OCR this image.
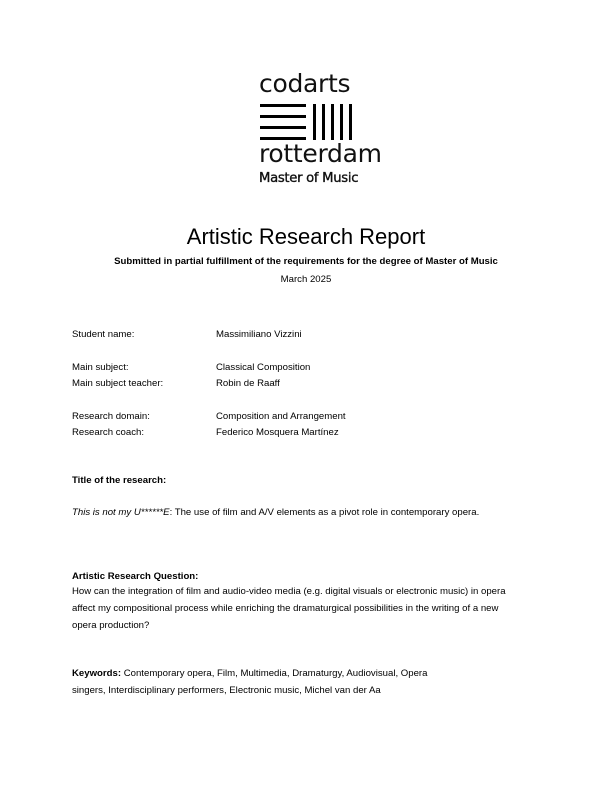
codarts
rotterdam
Master of Music
Artistic Research Report
Submitted in partial fulfillment of the requirements for the degree of Master of Music
March 2025
Student name:	Massimiliano Vizzini
Main subject:	Classical Composition
Main subject teacher:	Robin de Raaff
Research domain:	Composition and Arrangement
Research coach:	Federico Mosquera Martínez
Title of the research:
This is not my U******E: The use of film and A/V elements as a pivot role in contemporary opera.
Artistic Research Question:
How can the integration of film and audio-video media (e.g. digital visuals or electronic music) in opera
affect my compositional process while enriching the dramaturgical possibilities in the writing of a new
opera production?
Keywords: Contemporary opera, Film, Multimedia, Dramaturgy, Audiovisual, Opera
singers, Interdisciplinary performers, Electronic music, Michel van der Aa
